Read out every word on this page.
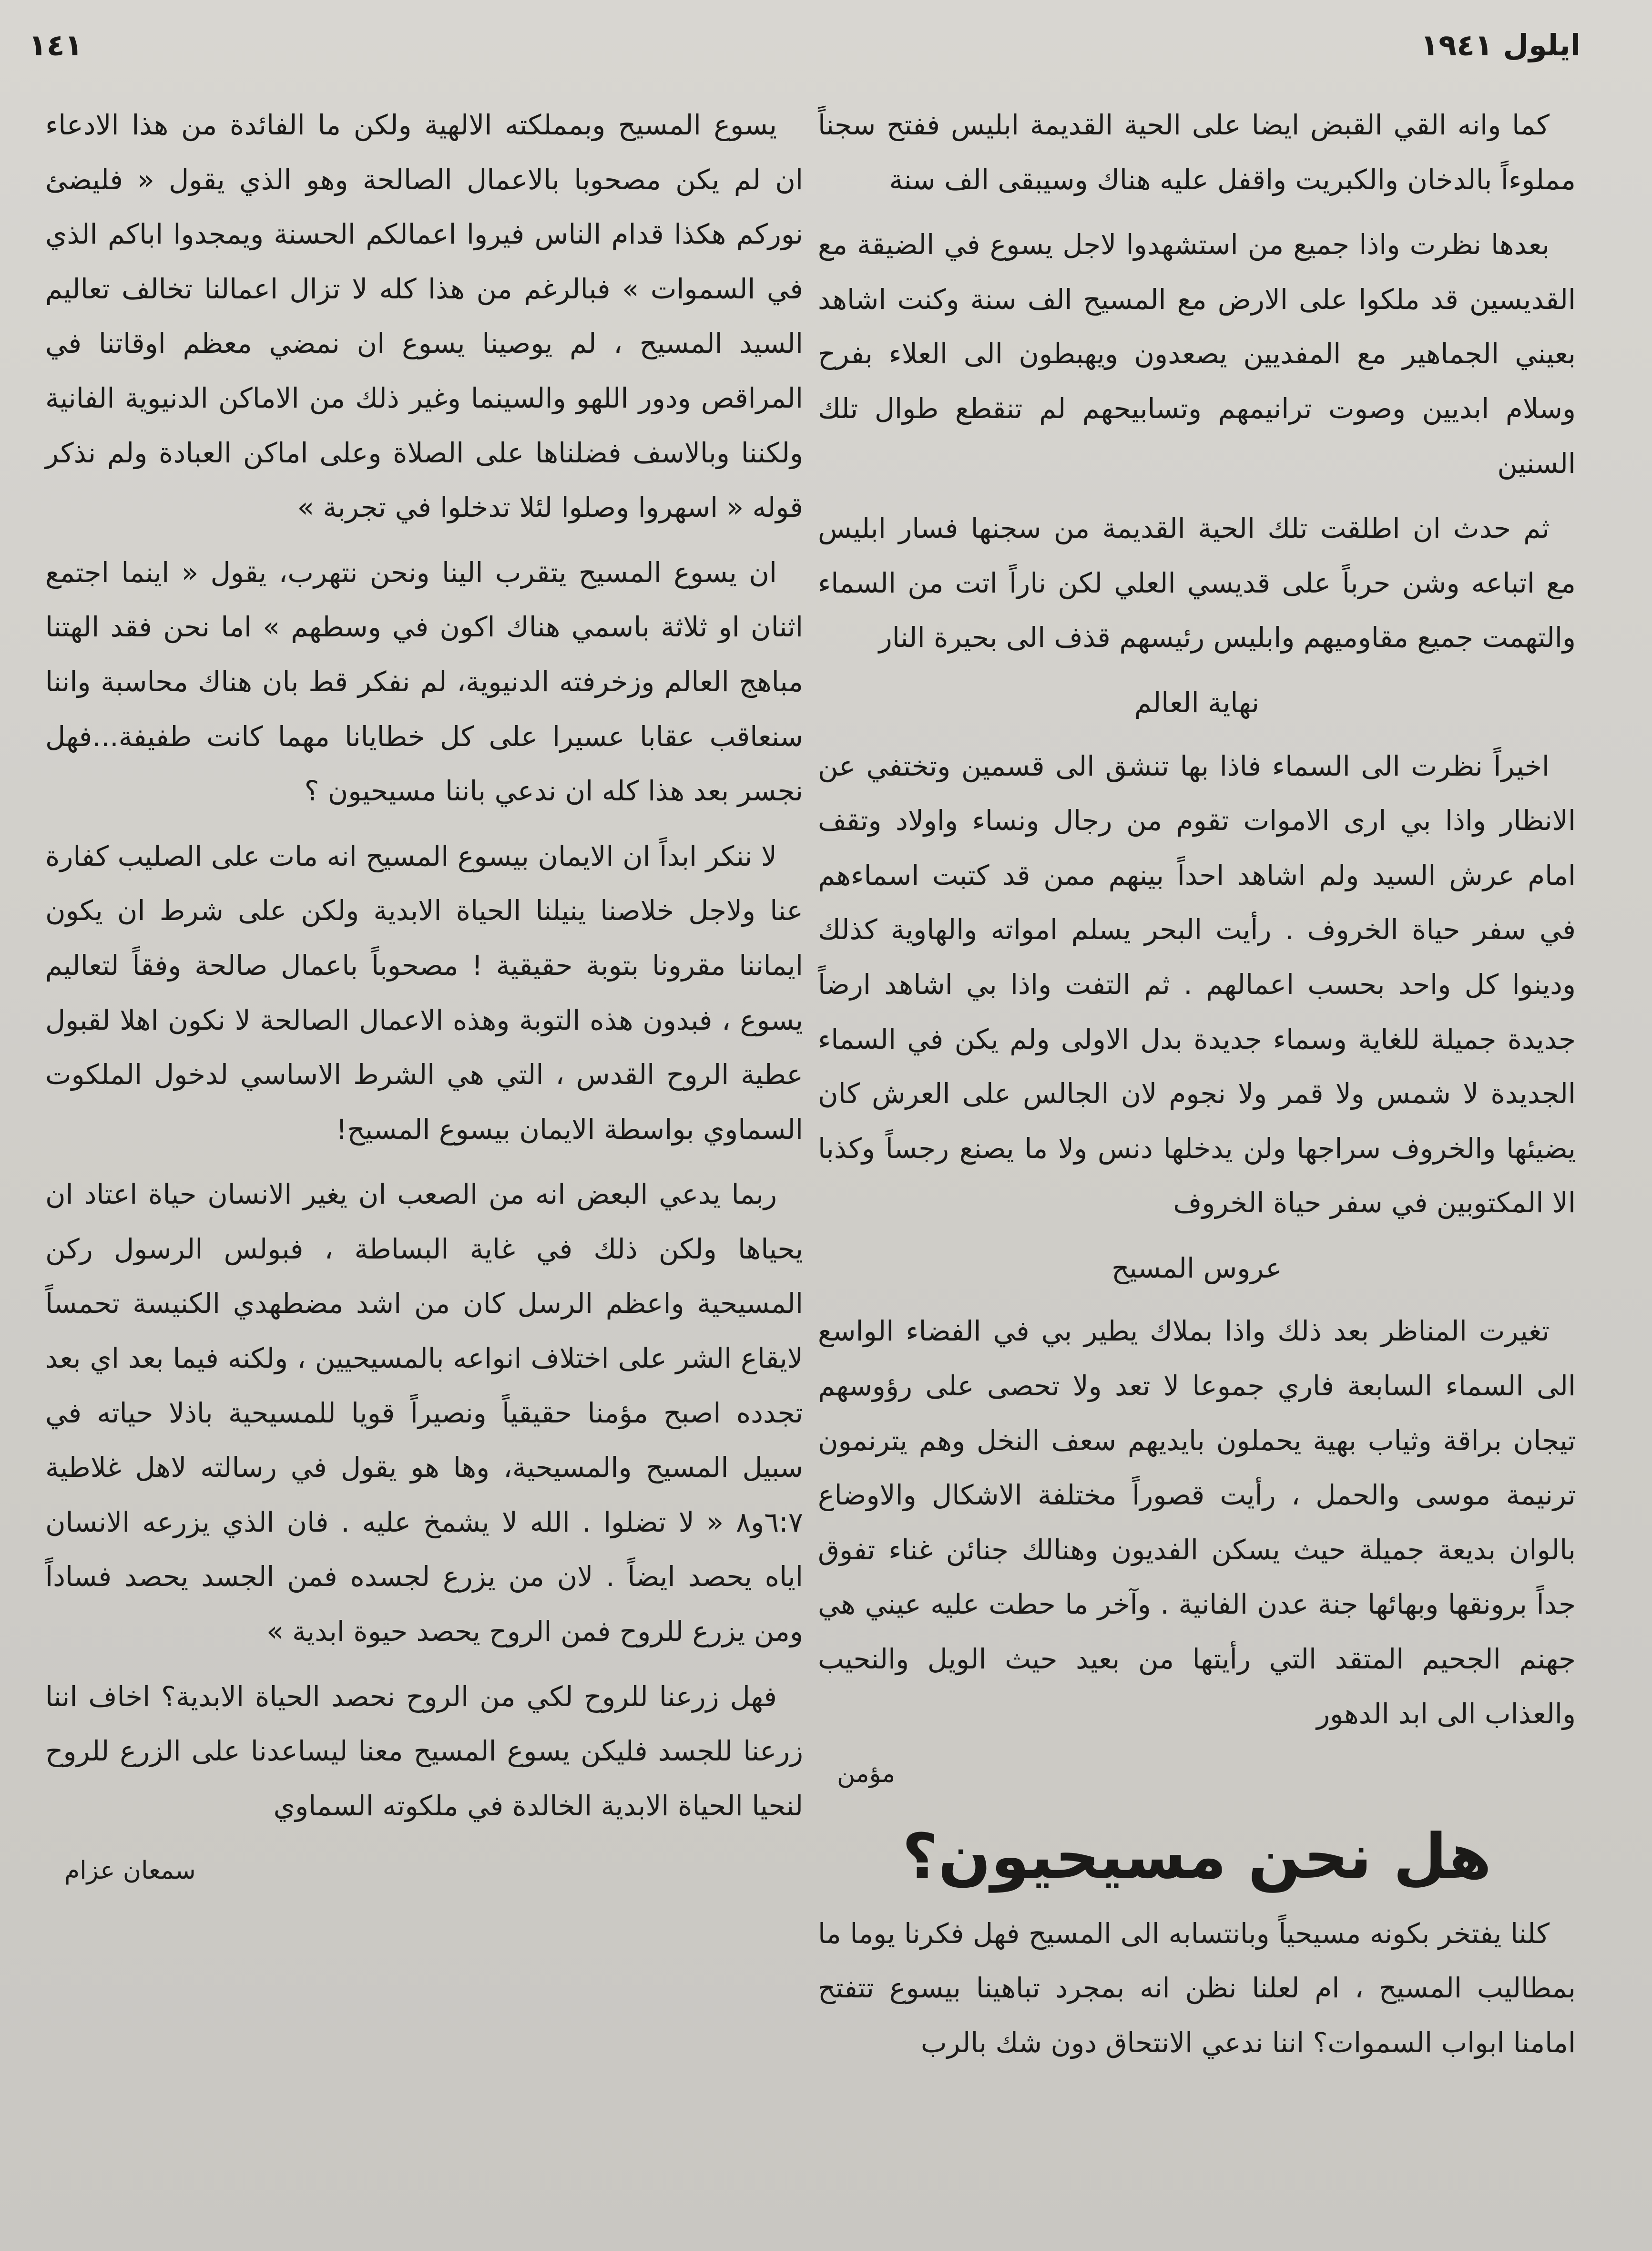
ايلول ١٩٤١
١٤١

كما وانه القي القبض ايضا على الحية القديمة ابليس ففتح سجناً مملوءاً بالدخان والكبريت واقفل عليه هناك وسيبقى الف سنة

بعدها نظرت واذا جميع من استشهدوا لاجل يسوع في الضيقة مع القديسين قد ملكوا على الارض مع المسيح الف سنة وكنت اشاهد بعيني الجماهير مع المفديين يصعدون ويهبطون الى العلاء بفرح وسلام ابديين وصوت ترانيمهم وتسابيحهم لم تنقطع طوال تلك السنين

ثم حدث ان اطلقت تلك الحية القديمة من سجنها فسار ابليس مع اتباعه وشن حرباً على قديسي العلي لكن ناراً اتت من السماء والتهمت جميع مقاوميهم وابليس رئيسهم قذف الى بحيرة النار

نهاية العالم

اخيراً نظرت الى السماء فاذا بها تنشق الى قسمين وتختفي عن الانظار واذا بي ارى الاموات تقوم من رجال ونساء واولاد وتقف امام عرش السيد ولم اشاهد احداً بينهم ممن قد كتبت اسماءهم في سفر حياة الخروف . رأيت البحر يسلم امواته والهاوية كذلك ودينوا كل واحد بحسب اعمالهم . ثم التفت واذا بي اشاهد ارضاً جديدة جميلة للغاية وسماء جديدة بدل الاولى ولم يكن في السماء الجديدة لا شمس ولا قمر ولا نجوم لان الجالس على العرش كان يضيئها والخروف سراجها ولن يدخلها دنس ولا ما يصنع رجساً وكذبا الا المكتوبين في سفر حياة الخروف

عروس المسيح

تغيرت المناظر بعد ذلك واذا بملاك يطير بي في الفضاء الواسع الى السماء السابعة فاري جموعا لا تعد ولا تحصى على رؤوسهم تيجان براقة وثياب بهية يحملون بايديهم سعف النخل وهم يترنمون ترنيمة موسى والحمل ، رأيت قصوراً مختلفة الاشكال والاوضاع بالوان بديعة جميلة حيث يسكن الفديون وهنالك جنائن غناء تفوق جداً برونقها وبهائها جنة عدن الفانية . وآخر ما حطت عليه عيني هي جهنم الجحيم المتقد التي رأيتها من بعيد حيث الويل والنحيب والعذاب الى ابد الدهور

مؤمن
هل نحن مسيحيون؟

كلنا يفتخر بكونه مسيحياً وبانتسابه الى المسيح فهل فكرنا يوما ما بمطاليب المسيح ، ام لعلنا نظن انه بمجرد تباهينا بيسوع تتفتح امامنا ابواب السموات؟ اننا ندعي الانتحاق دون شك بالرب

يسوع المسيح وبمملكته الالهية ولكن ما الفائدة من هذا الادعاء ان لم يكن مصحوبا بالاعمال الصالحة وهو الذي يقول « فليضئ نوركم هكذا قدام الناس فيروا اعمالكم الحسنة ويمجدوا اباكم الذي في السموات » فبالرغم من هذا كله لا تزال اعمالنا تخالف تعاليم السيد المسيح ، لم يوصينا يسوع ان نمضي معظم اوقاتنا في المراقص ودور اللهو والسينما وغير ذلك من الاماكن الدنيوية الفانية ولكننا وبالاسف فضلناها على الصلاة وعلى اماكن العبادة ولم نذكر قوله « اسهروا وصلوا لئلا تدخلوا في تجربة »

ان يسوع المسيح يتقرب الينا ونحن نتهرب، يقول « اينما اجتمع اثنان او ثلاثة باسمي هناك اكون في وسطهم » اما نحن فقد الهتنا مباهج العالم وزخرفته الدنيوية، لم نفكر قط بان هناك محاسبة واننا سنعاقب عقابا عسيرا على كل خطايانا مهما كانت طفيفة...فهل نجسر بعد هذا كله ان ندعي باننا مسيحيون ؟

لا ننكر ابداً ان الايمان بيسوع المسيح انه مات على الصليب كفارة عنا ولاجل خلاصنا ينيلنا الحياة الابدية ولكن على شرط ان يكون ايماننا مقرونا بتوبة حقيقية ! مصحوباً باعمال صالحة وفقاً لتعاليم يسوع ، فبدون هذه التوبة وهذه الاعمال الصالحة لا نكون اهلا لقبول عطية الروح القدس ، التي هي الشرط الاساسي لدخول الملكوت السماوي بواسطة الايمان بيسوع المسيح!

ربما يدعي البعض انه من الصعب ان يغير الانسان حياة اعتاد ان يحياها ولكن ذلك في غاية البساطة ، فبولس الرسول ركن المسيحية واعظم الرسل كان من اشد مضطهدي الكنيسة تحمساً لايقاع الشر على اختلاف انواعه بالمسيحيين ، ولكنه فيما بعد اي بعد تجدده اصبح مؤمنا حقيقياً ونصيراً قويا للمسيحية باذلا حياته في سبيل المسيح والمسيحية، وها هو يقول في رسالته لاهل غلاطية ٦:٧و٨ « لا تضلوا . الله لا يشمخ عليه . فان الذي يزرعه الانسان اياه يحصد ايضاً . لان من يزرع لجسده فمن الجسد يحصد فساداً ومن يزرع للروح فمن الروح يحصد حيوة ابدية »

فهل زرعنا للروح لكي من الروح نحصد الحياة الابدية؟ اخاف اننا زرعنا للجسد فليكن يسوع المسيح معنا ليساعدنا على الزرع للروح لنحيا الحياة الابدية الخالدة في ملكوته السماوي

سمعان عزام
